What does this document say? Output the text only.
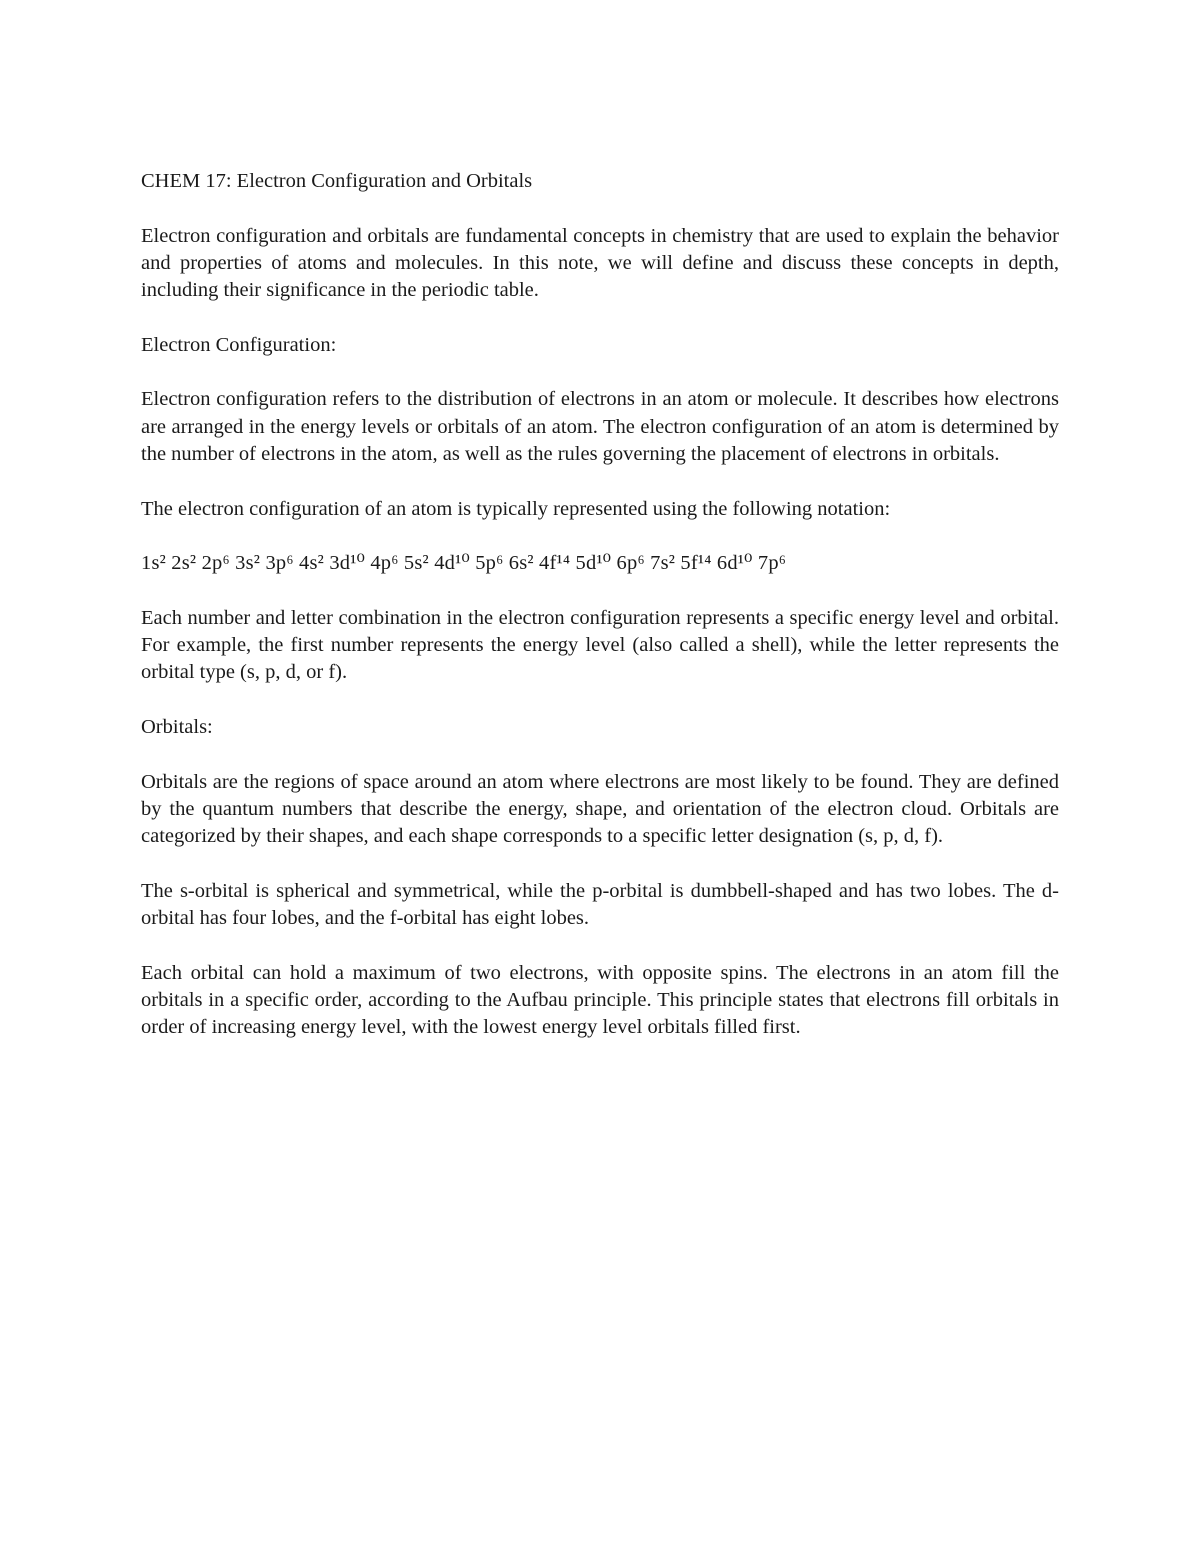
CHEM 17: Electron Configuration and Orbitals

Electron configuration and orbitals are fundamental concepts in chemistry that are used to explain the behavior and properties of atoms and molecules. In this note, we will define and discuss these concepts in depth, including their significance in the periodic table.

Electron Configuration:

Electron configuration refers to the distribution of electrons in an atom or molecule. It describes how electrons are arranged in the energy levels or orbitals of an atom. The electron configuration of an atom is determined by the number of electrons in the atom, as well as the rules governing the placement of electrons in orbitals.

The electron configuration of an atom is typically represented using the following notation:

1s² 2s² 2p⁶ 3s² 3p⁶ 4s² 3d¹⁰ 4p⁶ 5s² 4d¹⁰ 5p⁶ 6s² 4f¹⁴ 5d¹⁰ 6p⁶ 7s² 5f¹⁴ 6d¹⁰ 7p⁶

Each number and letter combination in the electron configuration represents a specific energy level and orbital. For example, the first number represents the energy level (also called a shell), while the letter represents the orbital type (s, p, d, or f).

Orbitals:

Orbitals are the regions of space around an atom where electrons are most likely to be found. They are defined by the quantum numbers that describe the energy, shape, and orientation of the electron cloud. Orbitals are categorized by their shapes, and each shape corresponds to a specific letter designation (s, p, d, f).

The s-orbital is spherical and symmetrical, while the p-orbital is dumbbell-shaped and has two lobes. The d-orbital has four lobes, and the f-orbital has eight lobes.

Each orbital can hold a maximum of two electrons, with opposite spins. The electrons in an atom fill the orbitals in a specific order, according to the Aufbau principle. This principle states that electrons fill orbitals in order of increasing energy level, with the lowest energy level orbitals filled first.
